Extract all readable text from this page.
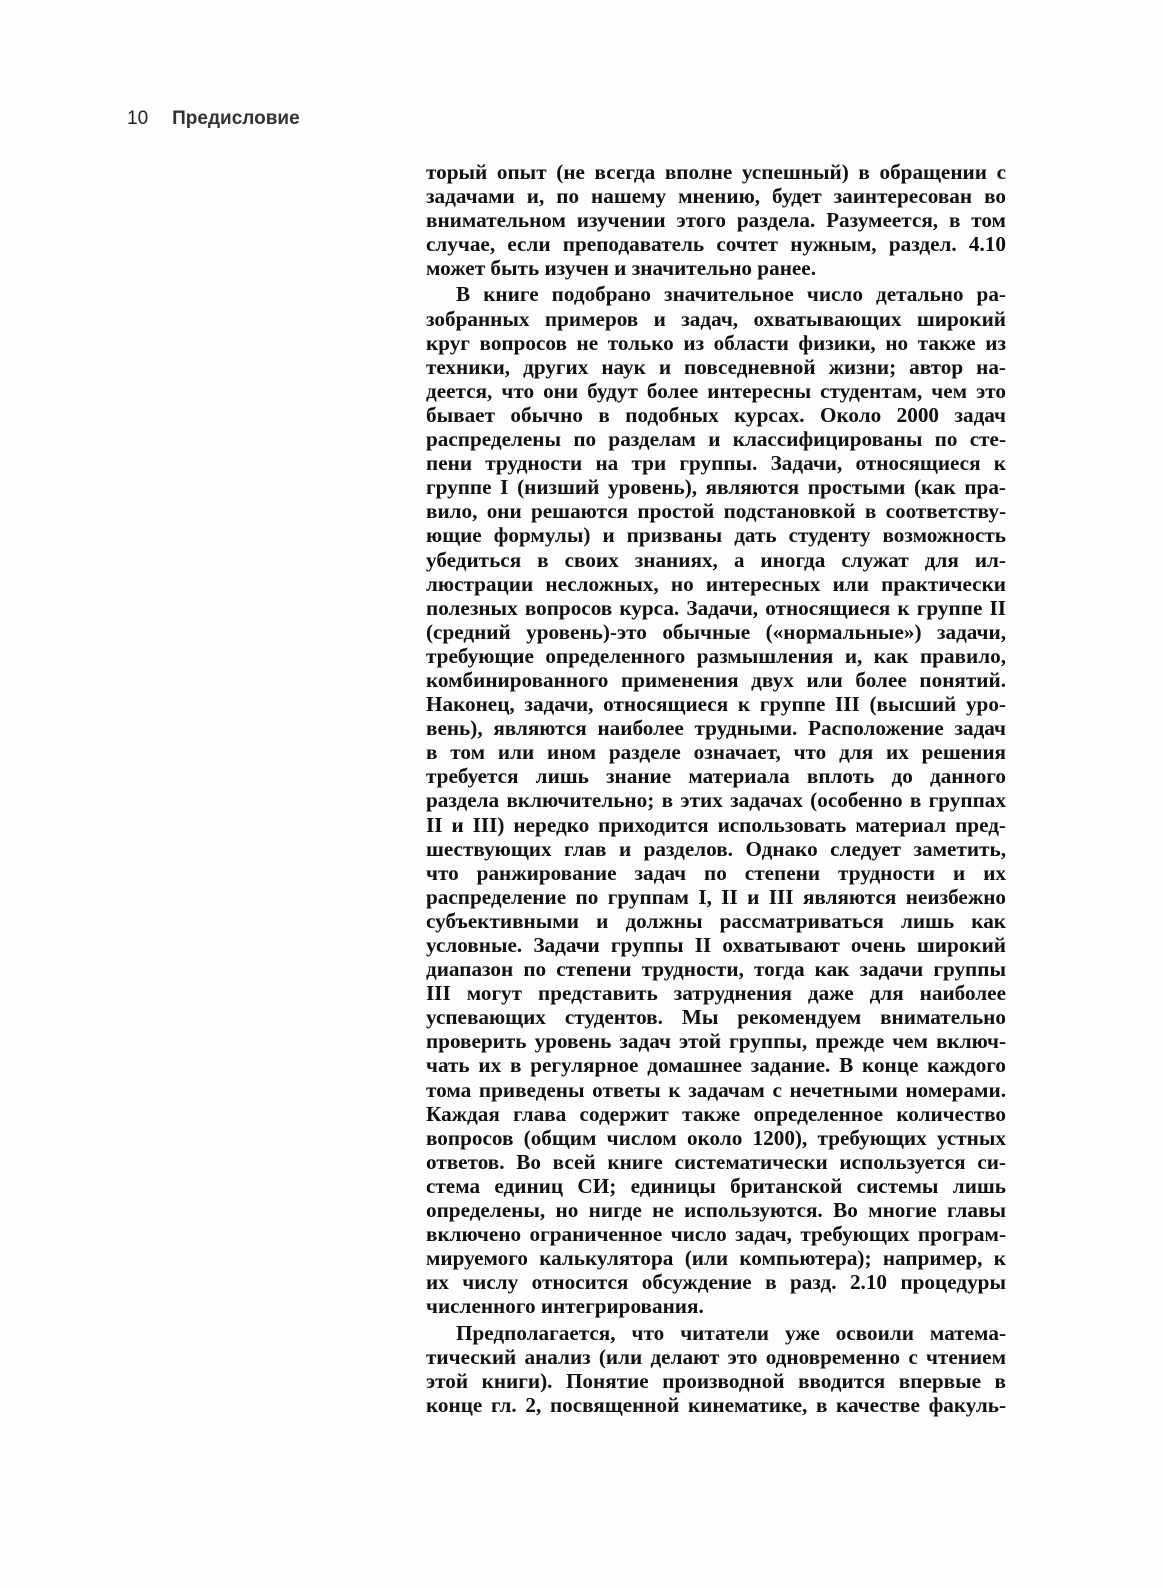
10 Предисловие
торый опыт (не всегда вполне успешный) в обращении с
задачами и, по нашему мнению, будет заинтересован во
внимательном изучении этого раздела. Разумеется, в том
случае, если преподаватель сочтет нужным, раздел. 4.10
может быть изучен и значительно ранее.
В книге подобрано значительное число детально ра-
зобранных примеров и задач, охватывающих широкий
круг вопросов не только из области физики, но также из
техники, других наук и повседневной жизни; автор на-
деется, что они будут более интересны студентам, чем это
бывает обычно в подобных курсах. Около 2000 задач
распределены по разделам и классифицированы по сте-
пени трудности на три группы. Задачи, относящиеся к
группе I (низший уровень), являются простыми (как пра-
вило, они решаются простой подстановкой в соответству-
ющие формулы) и призваны дать студенту возможность
убедиться в своих знаниях, а иногда служат для ил-
люстрации несложных, но интересных или практически
полезных вопросов курса. Задачи, относящиеся к группе II
(средний уровень)-это обычные («нормальные») задачи,
требующие определенного размышления и, как правило,
комбинированного применения двух или более понятий.
Наконец, задачи, относящиеся к группе III (высший уро-
вень), являются наиболее трудными. Расположение задач
в том или ином разделе означает, что для их решения
требуется лишь знание материала вплоть до данного
раздела включительно; в этих задачах (особенно в группах
II и III) нередко приходится использовать материал пред-
шествующих глав и разделов. Однако следует заметить,
что ранжирование задач по степени трудности и их
распределение по группам I, II и III являются неизбежно
субъективными и должны рассматриваться лишь как
условные. Задачи группы II охватывают очень широкий
диапазон по степени трудности, тогда как задачи группы
III могут представить затруднения даже для наиболее
успевающих студентов. Мы рекомендуем внимательно
проверить уровень задач этой группы, прежде чем включ-
чать их в регулярное домашнее задание. В конце каждого
тома приведены ответы к задачам с нечетными номерами.
Каждая глава содержит также определенное количество
вопросов (общим числом около 1200), требующих устных
ответов. Во всей книге систематически используется си-
стема единиц СИ; единицы британской системы лишь
определены, но нигде не используются. Во многие главы
включено ограниченное число задач, требующих програм-
мируемого калькулятора (или компьютера); например, к
их числу относится обсуждение в разд. 2.10 процедуры
численного интегрирования.
Предполагается, что читатели уже освоили матема-
тический анализ (или делают это одновременно с чтением
этой книги). Понятие производной вводится впервые в
конце гл. 2, посвященной кинематике, в качестве факуль-
